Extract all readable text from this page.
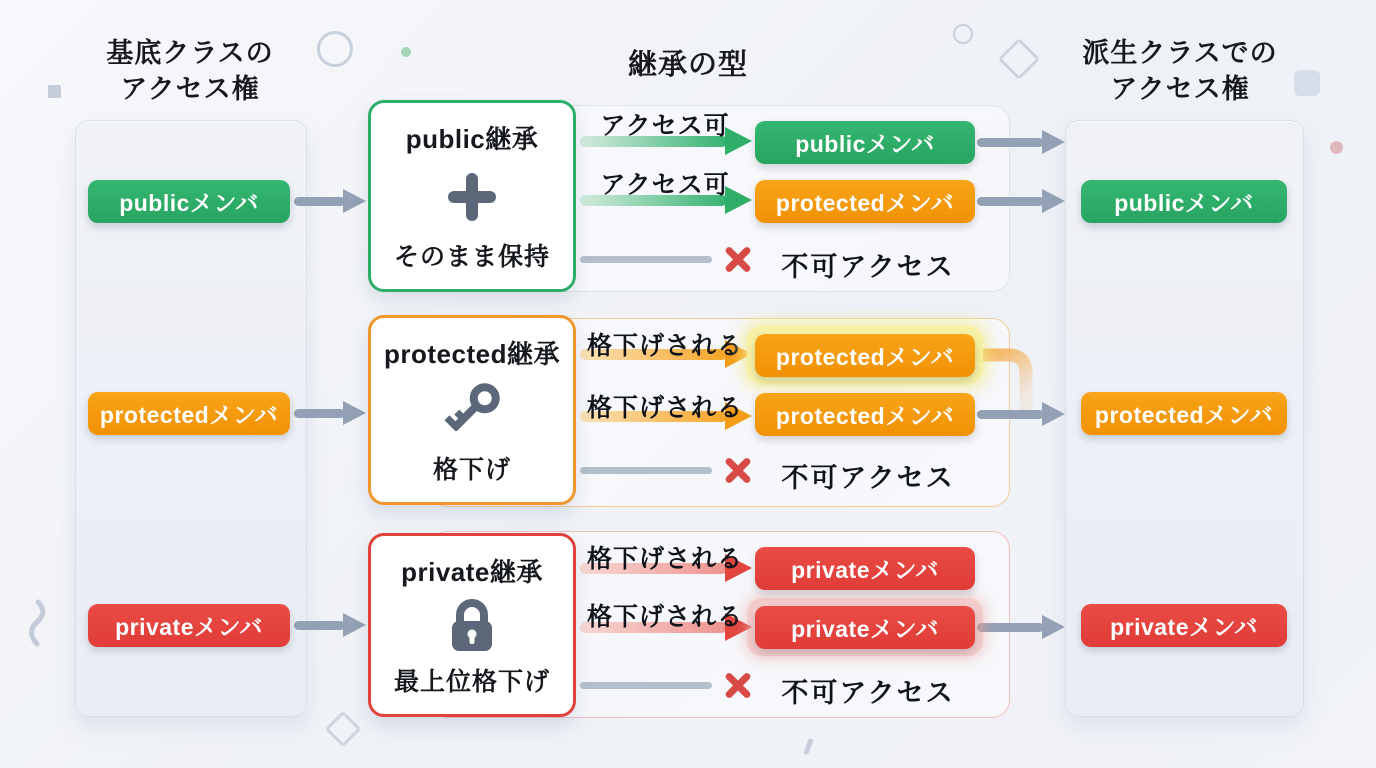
基底クラスの
アクセス権
継承の型	派生クラスでの
アクセス権
publicメンバ
protectedメンバ
privateメンバ
publicメンバ
protectedメンバ
privateメンバ
public継承
そのまま保持
protected継承
格下げ
private継承
最上位格下げ
アクセス可
publicメンバ
アクセス可
protectedメンバ
不可アクセス
格下げされる protectedメンバ
格下げされる protectedメンバ
不可アクセス
格下げされる privateメンバ
格下げされる privateメンバ
不可アクセス
